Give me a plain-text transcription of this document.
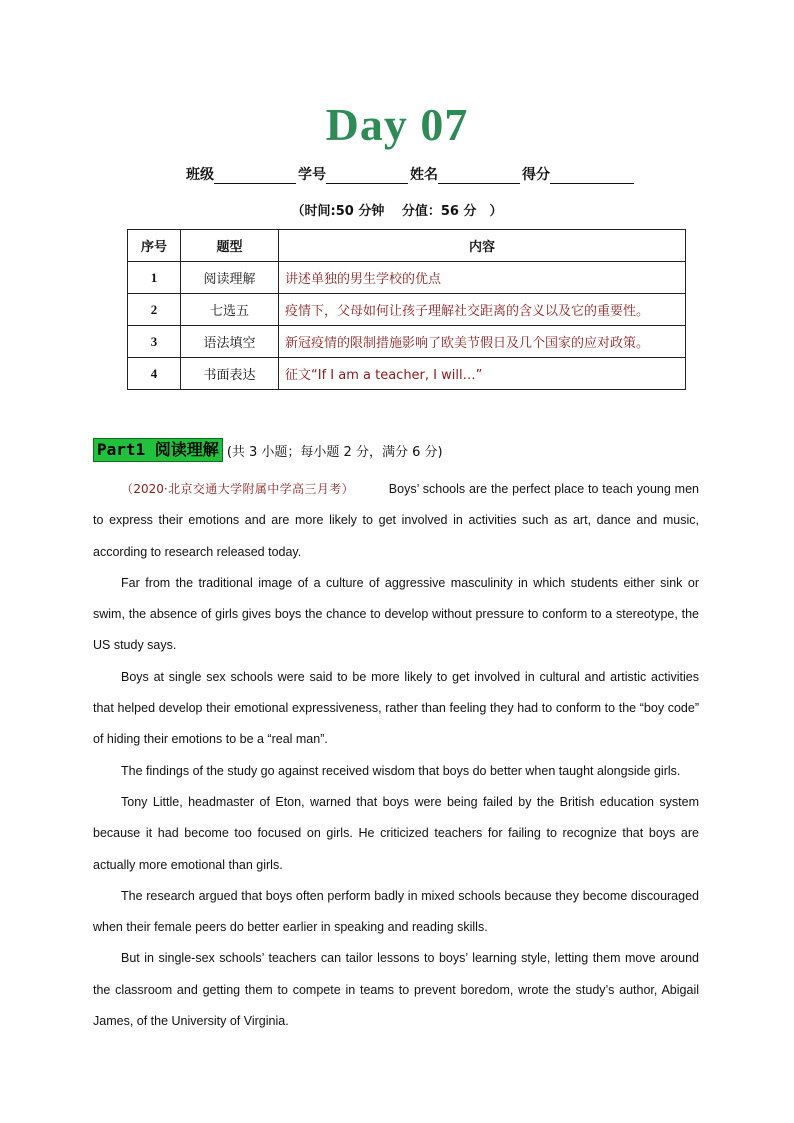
Day 07
班级	学号	姓名	得分
（时间:50 分钟　 分值：56 分　）
序号	题型	内容
1	阅读理解	讲述单独的男生学校的优点
2	七选五	疫情下，父母如何让孩子理解社交距离的含义以及它的重要性。
3	语法填空	新冠疫情的限制措施影响了欧美节假日及几个国家的应对政策。
4	书面表达	征文“If I am a teacher, I will…”
Part1 阅读理解 (共 3 小题；每小题 2 分，满分 6 分)

（2020·北京交通大学附属中学高三月考）	Boys’ schools are the perfect place to teach young men to express their emotions and are more likely to get involved in activities such as art, dance and music, according to research released today.

Far from the traditional image of a culture of aggressive masculinity in which students either sink or swim, the absence of girls gives boys the chance to develop without pressure to conform to a stereotype, the US study says.

Boys at single sex schools were said to be more likely to get involved in cultural and artistic activities that helped develop their emotional expressiveness, rather than feeling they had to conform to the “boy code” of hiding their emotions to be a “real man”.

The findings of the study go against received wisdom that boys do better when taught alongside girls.

Tony Little, headmaster of Eton, warned that boys were being failed by the British education system because it had become too focused on girls. He criticized teachers for failing to recognize that boys are actually more emotional than girls.

The research argued that boys often perform badly in mixed schools because they become discouraged when their female peers do better earlier in speaking and reading skills.

But in single-sex schools’ teachers can tailor lessons to boys’ learning style, letting them move around the classroom and getting them to compete in teams to prevent boredom, wrote the study’s author, Abigail James, of the University of Virginia.
